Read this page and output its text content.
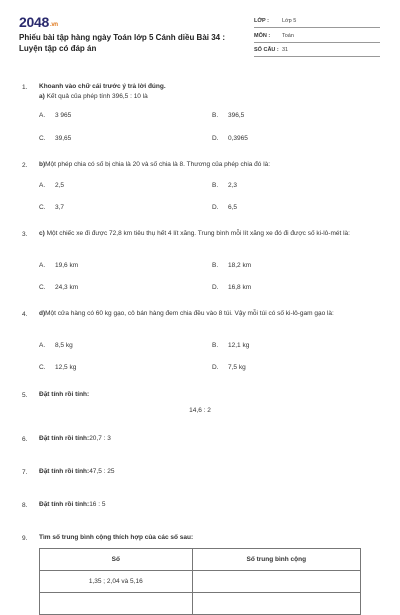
2048.vn
Phiếu bài tập hàng ngày Toán lớp 5 Cánh diều Bài 34 : Luyện tập có đáp án
LỚP : Lớp 5
MÔN : Toán
SỐ CÂU : 31
1. Khoanh vào chữ cái trước ý trả lời đúng.
a) Kết quả của phép tính 396,5 : 10 là
A. 3 965	B. 396,5
C. 39,65	D. 0,3965
2. b)Một phép chia có số bị chia là 20 và số chia là 8. Thương của phép chia đó là:
A. 2,5	B. 2,3
C. 3,7	D. 6,5
3. c) Một chiếc xe đi được 72,8 km tiêu thụ hết 4 lít xăng. Trung bình mỗi lít xăng xe đó đi được số ki-lô-mét là:
A. 19,6 km	B. 18,2 km
C. 24,3 km	D. 16,8 km
4. d)Một cửa hàng có 60 kg gạo, cô bán hàng đem chia đều vào 8 túi. Vậy mỗi túi có số ki-lô-gam gạo là:
A. 8,5 kg	B. 12,1 kg
C. 12,5 kg	D. 7,5 kg
5. Đặt tính rồi tính:
14,6 : 2
6. Đặt tính rồi tính:20,7 : 3
7. Đặt tính rồi tính:47,5 : 25
8. Đặt tính rồi tính:16 : 5
9. Tìm số trung bình cộng thích hợp của các số sau:
Số	Số trung bình cộng
1,35 ; 2,04 và 5,16	
